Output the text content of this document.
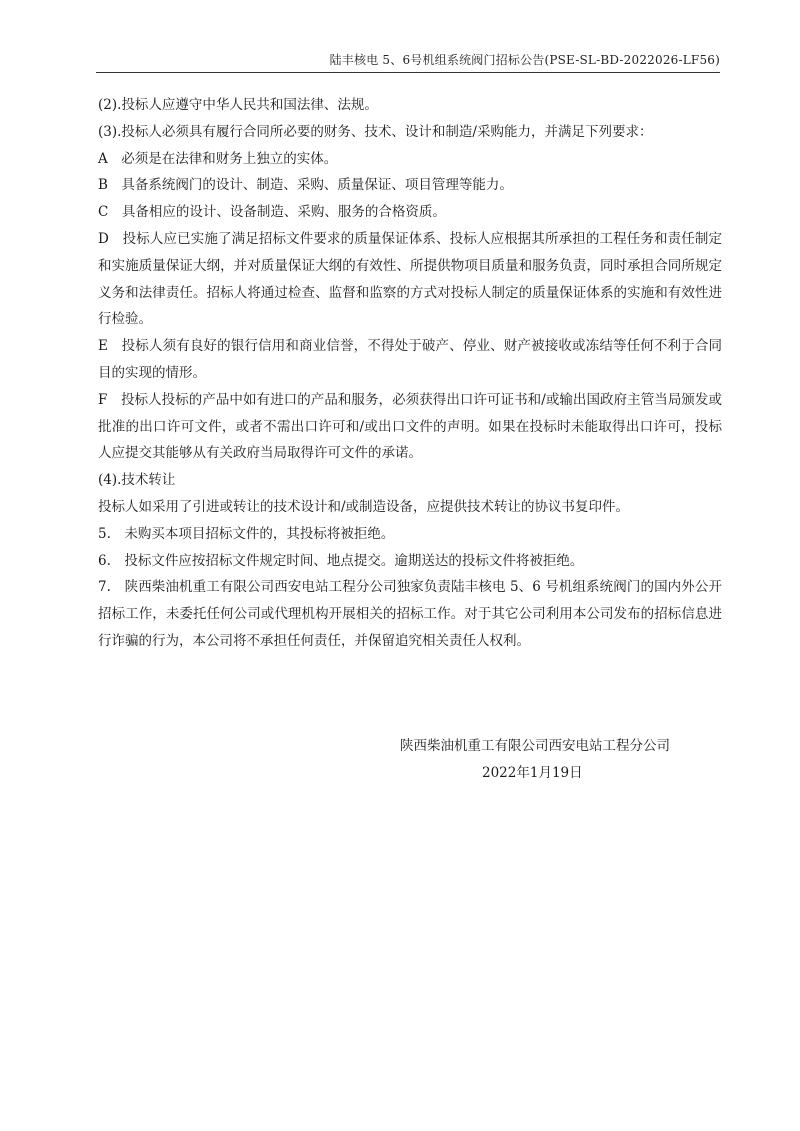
陆丰核电 5、6号机组系统阀门招标公告(PSE-SL-BD-2022026-LF56)

(2).投标人应遵守中华人民共和国法律、法规。

(3).投标人必须具有履行合同所必要的财务、技术、设计和制造/采购能力，并满足下列要求：

A　必须是在法律和财务上独立的实体。

B　具备系统阀门的设计、制造、采购、质量保证、项目管理等能力。

C　具备相应的设计、设备制造、采购、服务的合格资质。

D　投标人应已实施了满足招标文件要求的质量保证体系、投标人应根据其所承担的工程任务和责任制定和实施质量保证大纲，并对质量保证大纲的有效性、所提供物项目质量和服务负责，同时承担合同所规定义务和法律责任。招标人将通过检查、监督和监察的方式对投标人制定的质量保证体系的实施和有效性进行检验。

E　投标人须有良好的银行信用和商业信誉，不得处于破产、停业、财产被接收或冻结等任何不利于合同目的实现的情形。

F　投标人投标的产品中如有进口的产品和服务，必须获得出口许可证书和/或输出国政府主管当局颁发或批准的出口许可文件，或者不需出口许可和/或出口文件的声明。如果在投标时未能取得出口许可，投标人应提交其能够从有关政府当局取得许可文件的承诺。

(4).技术转让

投标人如采用了引进或转让的技术设计和/或制造设备，应提供技术转让的协议书复印件。

5.　未购买本项目招标文件的，其投标将被拒绝。

6.　投标文件应按招标文件规定时间、地点提交。逾期送达的投标文件将被拒绝。

7.　陕西柴油机重工有限公司西安电站工程分公司独家负责陆丰核电 5、6 号机组系统阀门的国内外公开招标工作，未委托任何公司或代理机构开展相关的招标工作。对于其它公司利用本公司发布的招标信息进行诈骗的行为，本公司将不承担任何责任，并保留追究相关责任人权利。

陕西柴油机重工有限公司西安电站工程分公司

2022年1月19日
